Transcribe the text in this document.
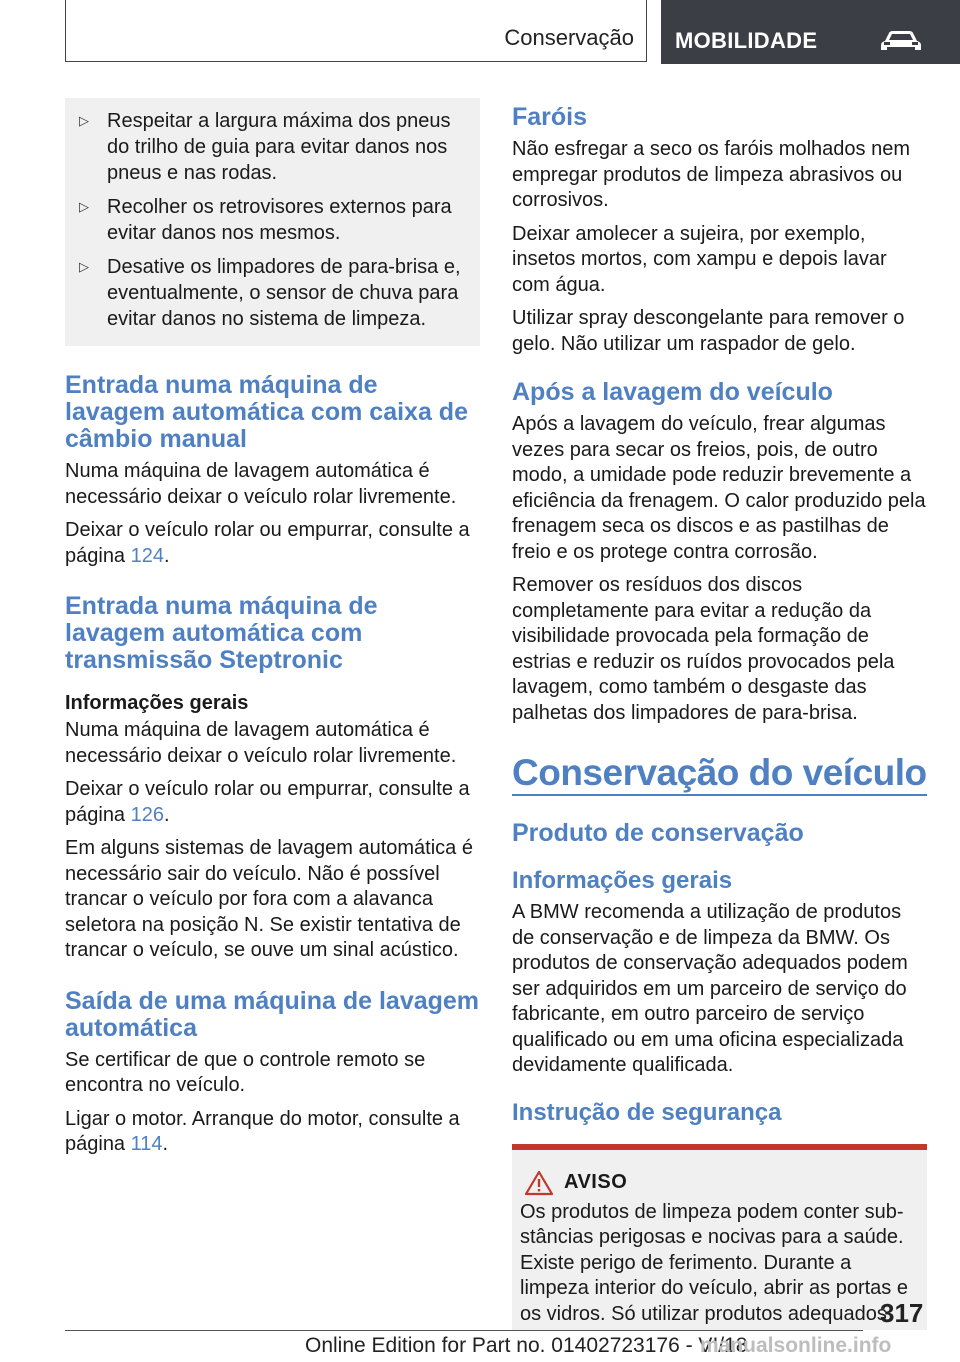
Conservação MOBILIDADE
▷ Respeitar a largura máxima dos pneus do trilho de guia para evitar danos nos pneus e nas rodas.
▷ Recolher os retrovisores externos para evitar danos nos mesmos.
▷ Desative os limpadores de para-brisa e, eventualmente, o sensor de chuva para evitar danos no sistema de limpeza.
Entrada numa máquina de lavagem automática com caixa de câmbio manual

Numa máquina de lavagem automática é necessário deixar o veículo rolar livremente.

Deixar o veículo rolar ou empurrar, consulte a página 124.

Entrada numa máquina de lavagem automática com transmissão Steptronic
Informações gerais

Numa máquina de lavagem automática é necessário deixar o veículo rolar livremente.

Deixar o veículo rolar ou empurrar, consulte a página 126.

Em alguns sistemas de lavagem automática é necessário sair do veículo. Não é possível trancar o veículo por fora com a alavanca seletora na posição N. Se existir tentativa de trancar o veículo, se ouve um sinal acústico.

Saída de uma máquina de lavagem automática

Se certificar de que o controle remoto se encontra no veículo.

Ligar o motor. Arranque do motor, consulte a página 114.

Faróis

Não esfregar a seco os faróis molhados nem empregar produtos de limpeza abrasivos ou corrosivos.

Deixar amolecer a sujeira, por exemplo, insetos mortos, com xampu e depois lavar com água.

Utilizar spray descongelante para remover o gelo. Não utilizar um raspador de gelo.

Após a lavagem do veículo

Após a lavagem do veículo, frear algumas vezes para secar os freios, pois, de outro modo, a umidade pode reduzir brevemente a eficiência da frenagem. O calor produzido pela frenagem seca os discos e as pastilhas de freio e os protege contra corrosão.

Remover os resíduos dos discos completamente para evitar a redução da visibilidade provocada pela formação de estrias e reduzir os ruídos provocados pela lavagem, como também o desgaste das palhetas dos limpadores de para-brisa.

Conservação do veículo
Produto de conservação
Informações gerais

A BMW recomenda a utilização de produtos de conservação e de limpeza da BMW. Os produtos de conservação adequados podem ser adquiridos em um parceiro de serviço do fabricante, em outro parceiro de serviço qualificado ou em uma oficina especializada devidamente qualificada.

Instrução de segurança
AVISO

Os produtos de limpeza podem conter substâncias perigosas e nocivas para a saúde. Existe perigo de ferimento. Durante a limpeza interior do veículo, abrir as portas e os vidros. Só utilizar produtos adequados

317
Online Edition for Part no. 01402723176 - VI/18
manualsonline.info
